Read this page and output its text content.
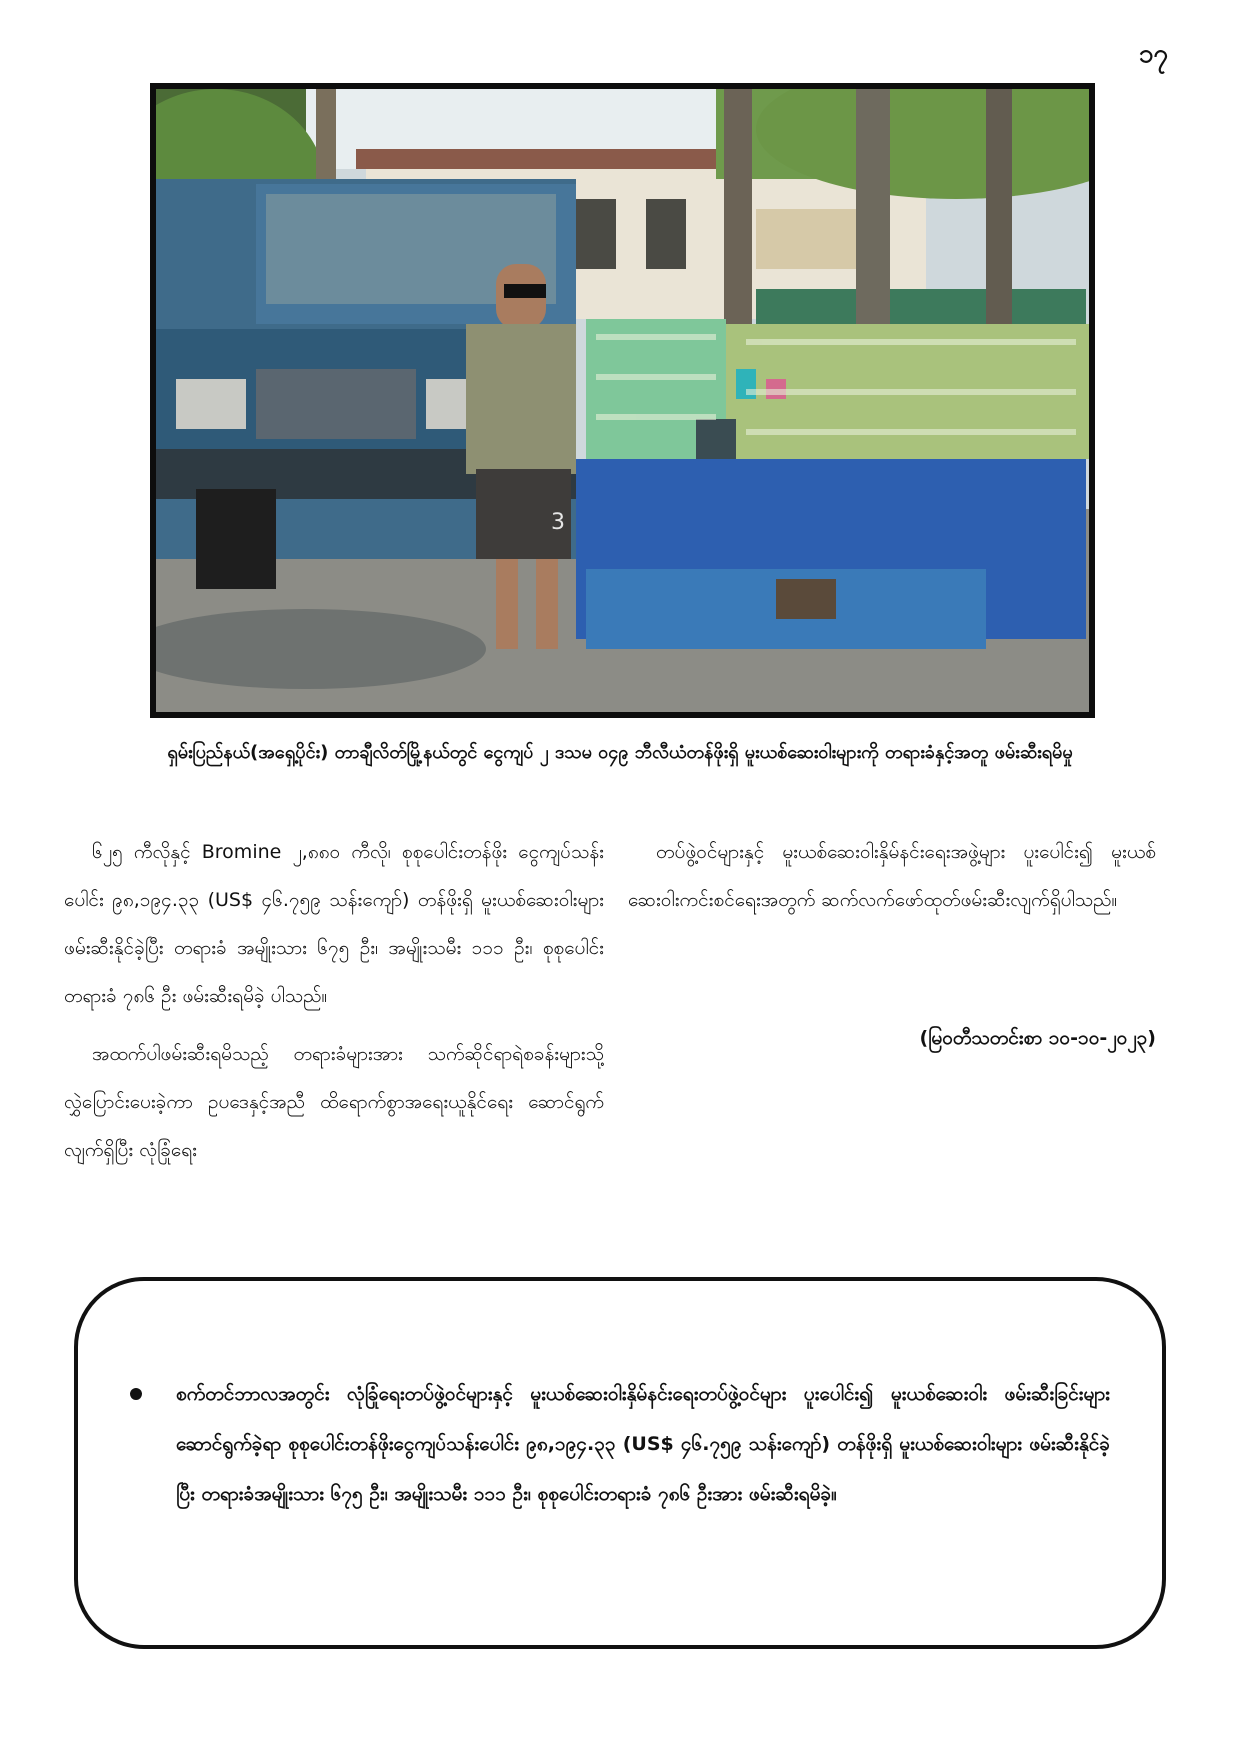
၁၇
3
ရှမ်းပြည်နယ်(အရှေ့ပိုင်း) တာချီလိတ်မြို့နယ်တွင် ငွေကျပ် ၂ ဒသမ ၀၄၉ ဘီလီယံတန်ဖိုးရှိ မူးယစ်ဆေးဝါးများကို တရားခံနှင့်အတူ ဖမ်းဆီးရမိမှု

၆၂၅ ကီလိုနှင့် Bromine ၂,၈၈၀ ကီလို၊ စုစုပေါင်းတန်ဖိုး ငွေကျပ်သန်းပေါင်း ၉၈,၁၉၄.၃၃ (US$ ၄၆.၇၅၉ သန်းကျော်) တန်ဖိုးရှိ မူးယစ်ဆေးဝါးများ ဖမ်းဆီးနိုင်ခဲ့ပြီး တရားခံ အမျိုးသား ၆၇၅ ဦး၊ အမျိုးသမီး ၁၁၁ ဦး၊ စုစုပေါင်း တရားခံ ၇၈၆ ဦး ဖမ်းဆီးရမိခဲ့ ပါသည်။

အထက်ပါဖမ်းဆီးရမိသည့် တရားခံများအား သက်ဆိုင်ရာရဲစခန်းများသို့ လွှဲပြောင်းပေးခဲ့ကာ ဥပဒေနှင့်အညီ ထိရောက်စွာအရေးယူနိုင်ရေး ဆောင်ရွက်လျက်ရှိပြီး လုံခြုံရေး

တပ်ဖွဲ့ဝင်များနှင့် မူးယစ်ဆေးဝါးနှိမ်နင်းရေးအဖွဲ့များ ပူးပေါင်း၍ မူးယစ်ဆေးဝါးကင်းစင်ရေးအတွက် ဆက်လက်ဖော်ထုတ်ဖမ်းဆီးလျက်ရှိပါသည်။

(မြဝတီသတင်းစာ ၁၀-၁၀-၂၀၂၃)
စက်တင်ဘာလအတွင်း လုံခြုံရေးတပ်ဖွဲ့ဝင်များနှင့် မူးယစ်ဆေးဝါးနှိမ်နင်းရေးတပ်ဖွဲ့ဝင်များ ပူးပေါင်း၍ မူးယစ်ဆေးဝါး ဖမ်းဆီးခြင်းများဆောင်ရွက်ခဲ့ရာ စုစုပေါင်းတန်ဖိုးငွေကျပ်သန်းပေါင်း ၉၈,၁၉၄.၃၃ (US$ ၄၆.၇၅၉ သန်းကျော်) တန်ဖိုးရှိ မူးယစ်ဆေးဝါးများ ဖမ်းဆီးနိုင်ခဲ့ပြီး တရားခံအမျိုးသား ၆၇၅ ဦး၊ အမျိုးသမီး ၁၁၁ ဦး၊ စုစုပေါင်းတရားခံ ၇၈၆ ဦးအား ဖမ်းဆီးရမိခဲ့။
